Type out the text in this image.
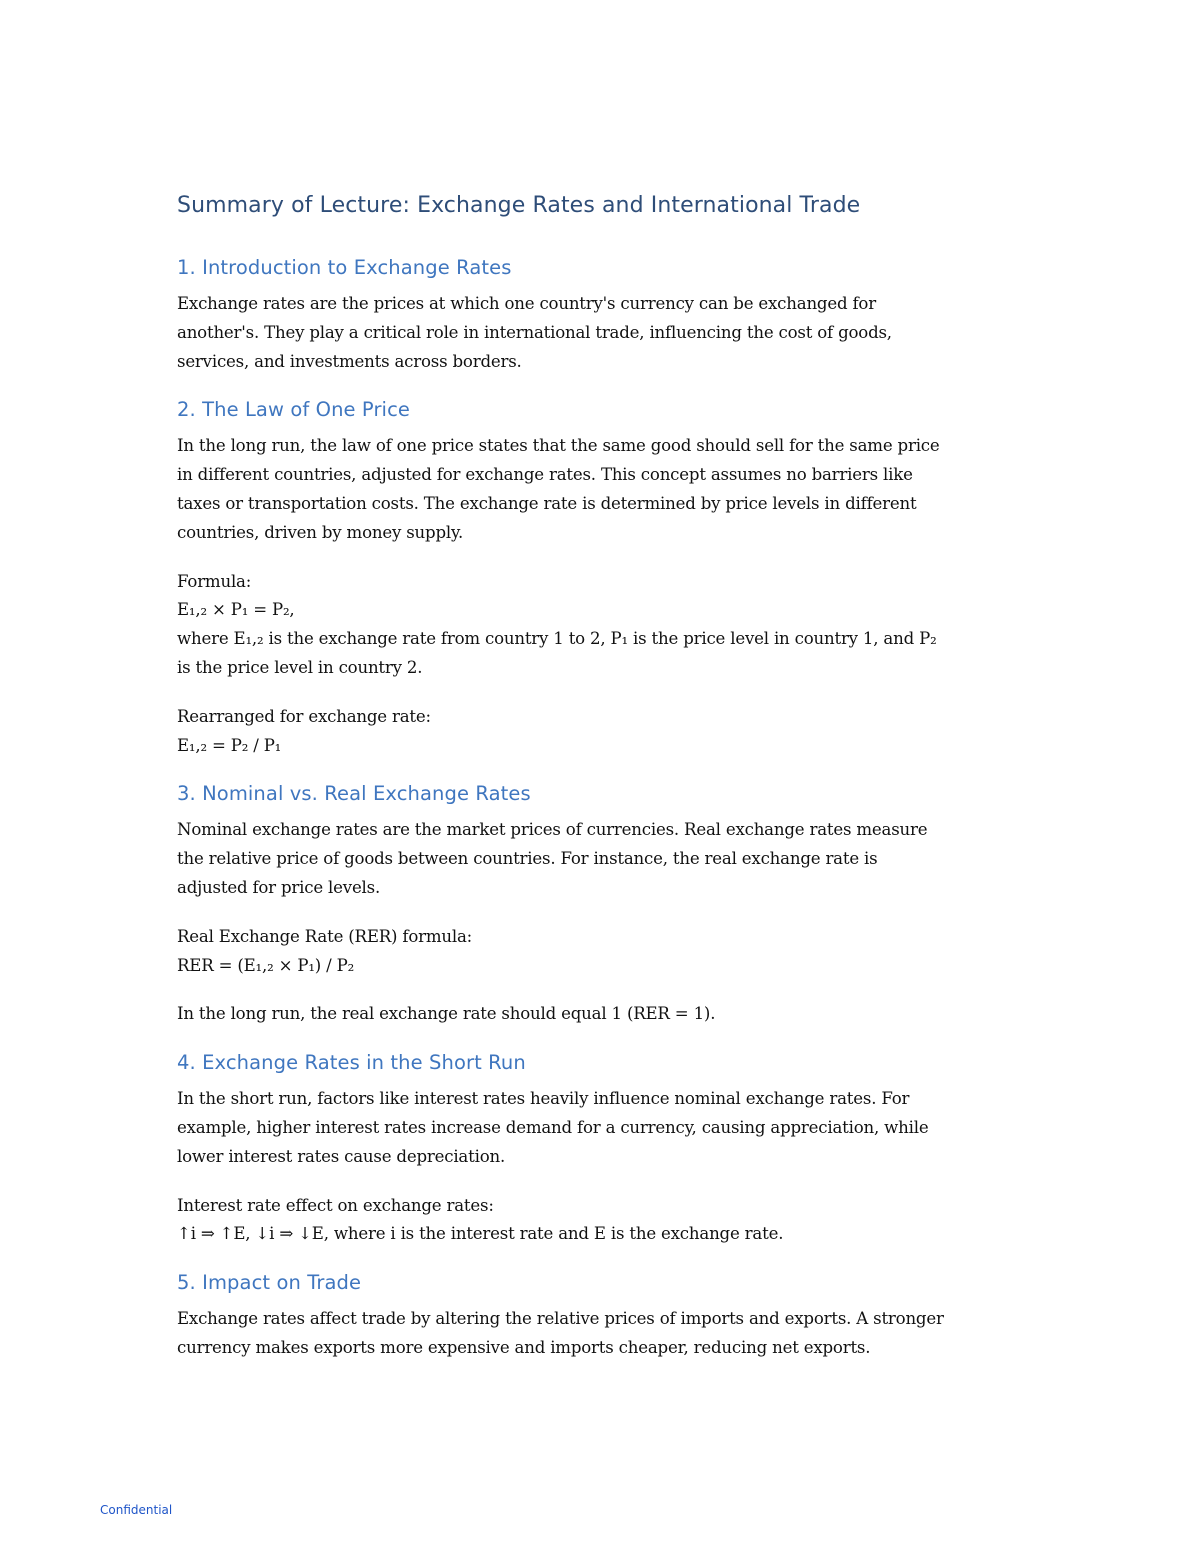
Summary of Lecture: Exchange Rates and International Trade
1. Introduction to Exchange Rates

Exchange rates are the prices at which one country's currency can be exchanged for
another's. They play a critical role in international trade, influencing the cost of goods,
services, and investments across borders.

2. The Law of One Price

In the long run, the law of one price states that the same good should sell for the same price
in different countries, adjusted for exchange rates. This concept assumes no barriers like
taxes or transportation costs. The exchange rate is determined by price levels in different
countries, driven by money supply.

Formula:
E₁,₂ × P₁ = P₂,
where E₁,₂ is the exchange rate from country 1 to 2, P₁ is the price level in country 1, and P₂
is the price level in country 2.

Rearranged for exchange rate:
E₁,₂ = P₂ / P₁

3. Nominal vs. Real Exchange Rates

Nominal exchange rates are the market prices of currencies. Real exchange rates measure
the relative price of goods between countries. For instance, the real exchange rate is
adjusted for price levels.

Real Exchange Rate (RER) formula:
RER = (E₁,₂ × P₁) / P₂

In the long run, the real exchange rate should equal 1 (RER = 1).

4. Exchange Rates in the Short Run

In the short run, factors like interest rates heavily influence nominal exchange rates. For
example, higher interest rates increase demand for a currency, causing appreciation, while
lower interest rates cause depreciation.

Interest rate effect on exchange rates:
↑i ⇒ ↑E, ↓i ⇒ ↓E, where i is the interest rate and E is the exchange rate.

5. Impact on Trade

Exchange rates affect trade by altering the relative prices of imports and exports. A stronger
currency makes exports more expensive and imports cheaper, reducing net exports.

Confidential
